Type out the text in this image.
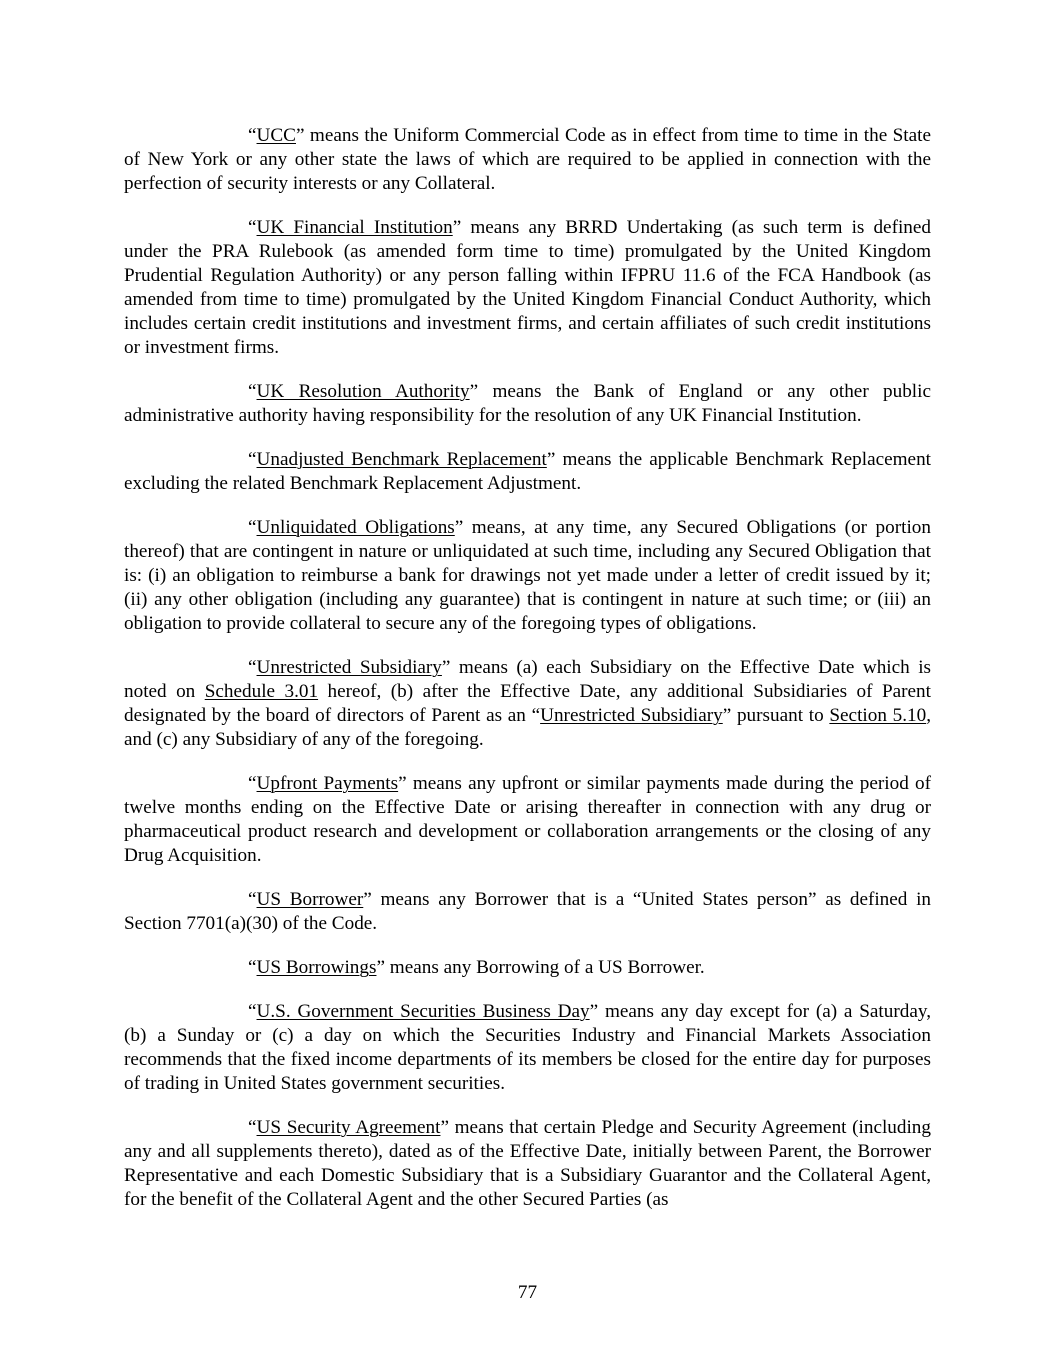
“UCC” means the Uniform Commercial Code as in effect from time to time in the State of New York or any other state the laws of which are required to be applied in connection with the perfection of security interests or any Collateral.

“UK Financial Institution” means any BRRD Undertaking (as such term is defined under the PRA Rulebook (as amended form time to time) promulgated by the United Kingdom Prudential Regulation Authority) or any person falling within IFPRU 11.6 of the FCA Handbook (as amended from time to time) promulgated by the United Kingdom Financial Conduct Authority, which includes certain credit institutions and investment firms, and certain affiliates of such credit institutions or investment firms.

“UK Resolution Authority” means the Bank of England or any other public administrative authority having responsibility for the resolution of any UK Financial Institution.

“Unadjusted Benchmark Replacement” means the applicable Benchmark Replacement excluding the related Benchmark Replacement Adjustment.

“Unliquidated Obligations” means, at any time, any Secured Obligations (or portion thereof) that are contingent in nature or unliquidated at such time, including any Secured Obligation that is: (i) an obligation to reimburse a bank for drawings not yet made under a letter of credit issued by it; (ii) any other obligation (including any guarantee) that is contingent in nature at such time; or (iii) an obligation to provide collateral to secure any of the foregoing types of obligations.

“Unrestricted Subsidiary” means (a) each Subsidiary on the Effective Date which is noted on Schedule 3.01 hereof, (b) after the Effective Date, any additional Subsidiaries of Parent designated by the board of directors of Parent as an “Unrestricted Subsidiary” pursuant to Section 5.10, and (c) any Subsidiary of any of the foregoing.

“Upfront Payments” means any upfront or similar payments made during the period of twelve months ending on the Effective Date or arising thereafter in connection with any drug or pharmaceutical product research and development or collaboration arrangements or the closing of any Drug Acquisition.

“US Borrower” means any Borrower that is a “United States person” as defined in Section 7701(a)(30) of the Code.

“US Borrowings” means any Borrowing of a US Borrower.

“U.S. Government Securities Business Day” means any day except for (a) a Saturday, (b) a Sunday or (c) a day on which the Securities Industry and Financial Markets Association recommends that the fixed income departments of its members be closed for the entire day for purposes of trading in United States government securities.

“US Security Agreement” means that certain Pledge and Security Agreement (including any and all supplements thereto), dated as of the Effective Date, initially between Parent, the Borrower Representative and each Domestic Subsidiary that is a Subsidiary Guarantor and the Collateral Agent, for the benefit of the Collateral Agent and the other Secured Parties (as

77
